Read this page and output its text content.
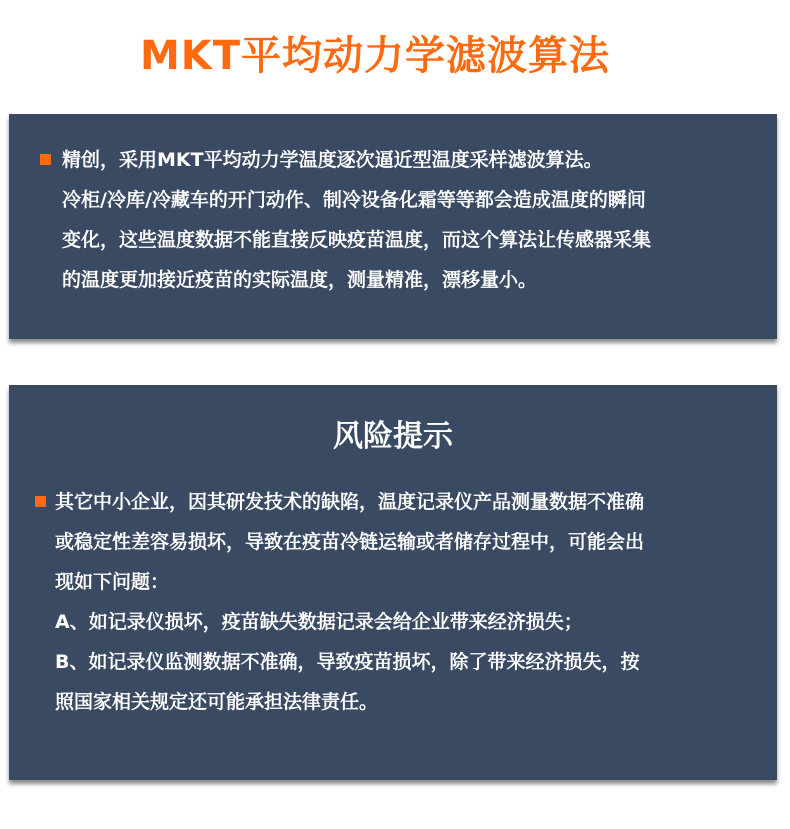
MKT平均动力学滤波算法
精创，采用MKT平均动力学温度逐次逼近型温度采样滤波算法。
冷柜/冷库/冷藏车的开门动作、制冷设备化霜等等都会造成温度的瞬间
变化，这些温度数据不能直接反映疫苗温度，而这个算法让传感器采集
的温度更加接近疫苗的实际温度，测量精准，漂移量小。
风险提示
其它中小企业，因其研发技术的缺陷，温度记录仪产品测量数据不准确
或稳定性差容易损坏，导致在疫苗冷链运输或者储存过程中，可能会出
现如下问题：
A、如记录仪损坏，疫苗缺失数据记录会给企业带来经济损失；
B、如记录仪监测数据不准确，导致疫苗损坏，除了带来经济损失，按
照国家相关规定还可能承担法律责任。
